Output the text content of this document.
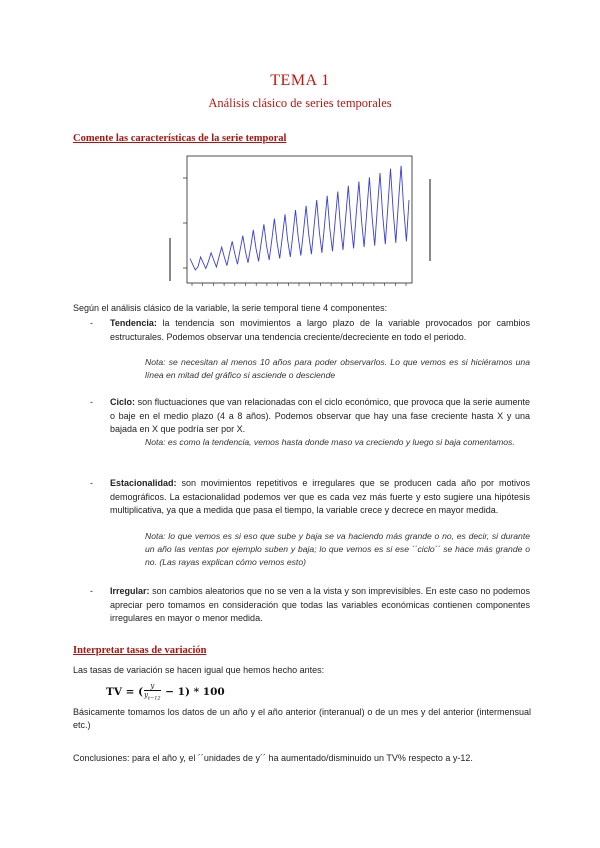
TEMA 1
Análisis clásico de series temporales
Comente las características de la serie temporal
Según el análisis clásico de la variable, la serie temporal tiene 4 componentes:
- Tendencia: la tendencia son movimientos a largo plazo de la variable provocados por cambios estructurales. Podemos observar una tendencia creciente/decreciente en todo el periodo.
Nota: se necesitan al menos 10 años para poder observarlos. Lo que vemos es si hiciéramos una línea en mitad del gráfico si asciende o desciende
- Ciclo: son fluctuaciones que van relacionadas con el ciclo económico, que provoca que la serie aumente o baje en el medio plazo (4 a 8 años). Podemos observar que hay una fase creciente hasta X y una bajada en X que podría ser por X.
Nota: es como la tendencia, vemos hasta donde maso va creciendo y luego si baja comentamos.
- Estacionalidad: son movimientos repetitivos e irregulares que se producen cada año por motivos demográficos. La estacionalidad podemos ver que es cada vez más fuerte y esto sugiere una hipótesis multiplicativa, ya que a medida que pasa el tiempo, la variable crece y decrece en mayor medida.
Nota: lo que vemos es si eso que sube y baja se va haciendo más grande o no, es decir, si durante un año las ventas por ejemplo suben y baja; lo que vemos es si ese ´´ciclo´´ se hace más grande o no. (Las rayas explican cómo vemos esto)
- Irregular: son cambios aleatorios que no se ven a la vista y son imprevisibles. En este caso no podemos apreciar pero tomamos en consideración que todas las variables económicas contienen componentes irregulares en mayor o menor medida.
Interpretar tasas de variación
Las tasas de variación se hacen igual que hemos hecho antes:
TV = ( $\frac{y}{y_{t-12}} - 1) * 100$
Básicamente tomamos los datos de un año y el año anterior (interanual) o de un mes y del anterior (intermensual etc.)
Conclusiones: para el año y, el ´´unidades de y´´ ha aumentado/disminuido un TV% respecto a y-12.
